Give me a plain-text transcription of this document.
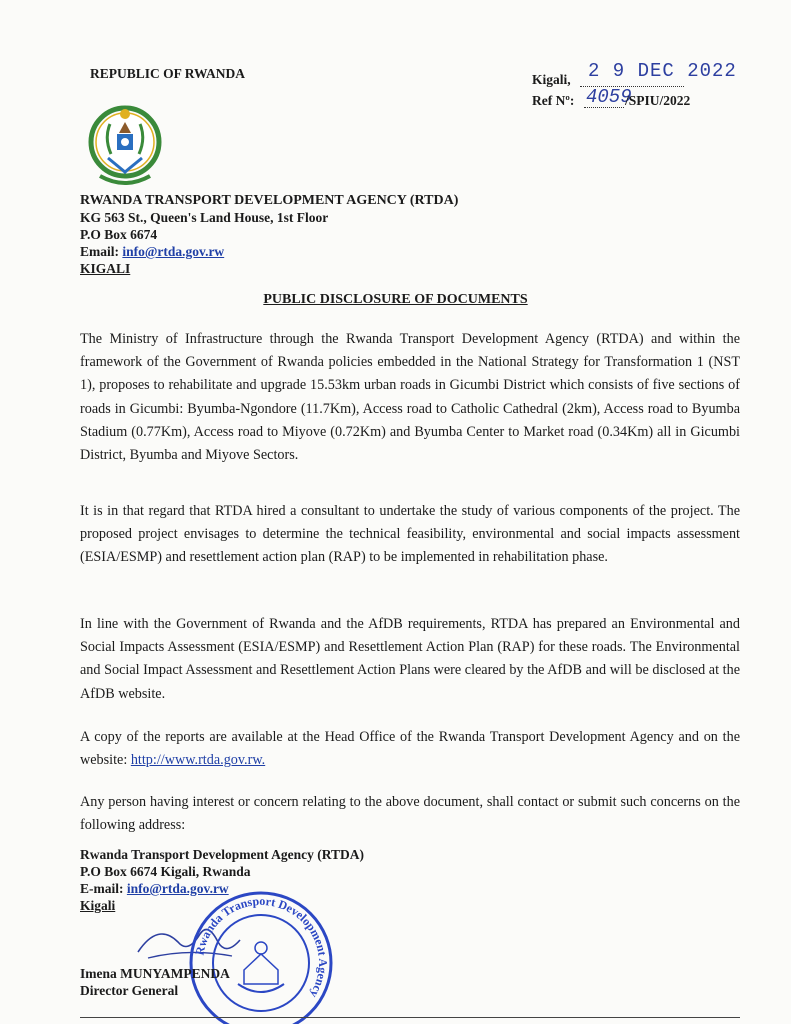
REPUBLIC OF RWANDA	Kigali, 2 9 DEC 2022
Ref Nº: 4059
/SPIU/2022
RWANDA TRANSPORT DEVELOPMENT AGENCY (RTDA)
KG 563 St., Queen's Land House, 1st Floor
P.O Box 6674
Email: info@rtda.gov.rw
KIGALI
PUBLIC DISCLOSURE OF DOCUMENTS
The Ministry of Infrastructure through the Rwanda Transport Development Agency (RTDA) and within the framework of the Government of Rwanda policies embedded in the National Strategy for Transformation 1 (NST 1), proposes to rehabilitate and upgrade 15.53km urban roads in Gicumbi District which consists of five sections of roads in Gicumbi: Byumba-Ngondore (11.7Km), Access road to Catholic Cathedral (2km), Access road to Byumba Stadium (0.77Km), Access road to Miyove (0.72Km) and Byumba Center to Market road (0.34Km) all in Gicumbi District, Byumba and Miyove Sectors.
It is in that regard that RTDA hired a consultant to undertake the study of various components of the project. The proposed project envisages to determine the technical feasibility, environmental and social impacts assessment (ESIA/ESMP) and resettlement action plan (RAP) to be implemented in rehabilitation phase.
In line with the Government of Rwanda and the AfDB requirements, RTDA has prepared an Environmental and Social Impacts Assessment (ESIA/ESMP) and Resettlement Action Plan (RAP) for these roads. The Environmental and Social Impact Assessment and Resettlement Action Plans were cleared by the AfDB and will be disclosed at the AfDB website.
A copy of the reports are available at the Head Office of the Rwanda Transport Development Agency and on the website: http://www.rtda.gov.rw.
Any person having interest or concern relating to the above document, shall contact or submit such concerns on the following address:
Rwanda Transport Development Agency (RTDA)
P.O Box 6674 Kigali, Rwanda
E-mail: info@rtda.gov.rw
Kigali
Rwanda Transport Development Agency
Imena MUNYAMPENDA
Director General
